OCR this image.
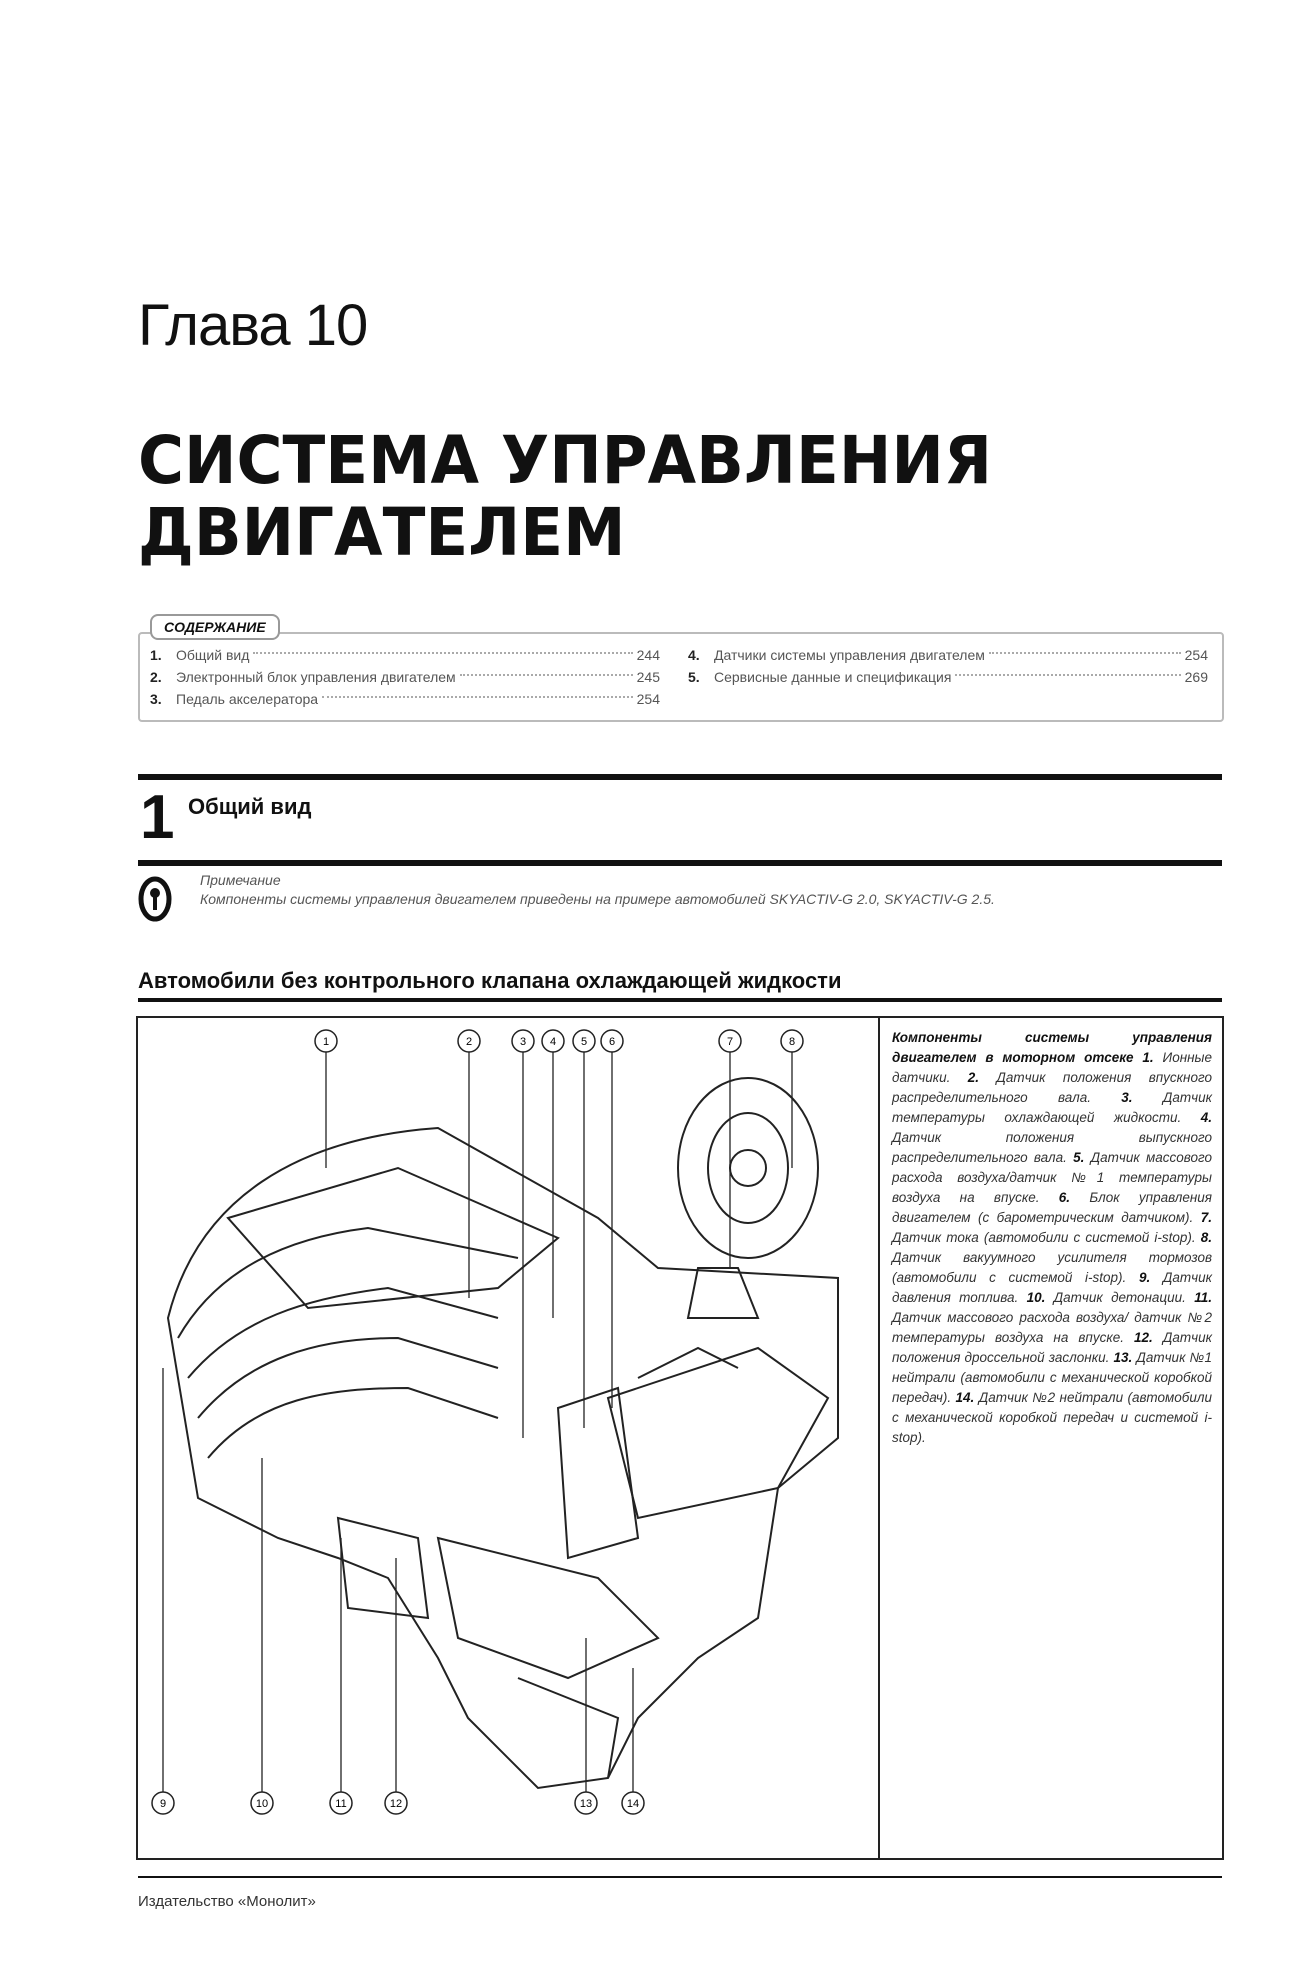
Глава 10
СИСТЕМА УПРАВЛЕНИЯ
ДВИГАТЕЛЕМ
1.	Общий вид	244
2.	Электронный блок управления двигателем	245
3.	Педаль акселератора	254
4.	Датчики системы управления двигателем	254
5.	Сервисные данные и спецификация	269
СОДЕРЖАНИЕ
1 Общий вид
Примечание
Компоненты системы управления двигателем приведены на примере автомобилей SKYACTIV-G 2.0, SKYACTIV-G 2.5.
Автомобили без контрольного клапана охлаждающей жидкости
1	2	3 4 5 6	7	8
9	10	11	12	13	14
Компоненты системы управления двигателем в моторном отсеке 1. Ионные датчики. 2. Датчик положения впускного распределительного вала. 3. Датчик температуры охлаждающей жидкости. 4. Датчик положения выпускного распределительного вала. 5. Датчик массового расхода воздуха/датчик №1 температуры воздуха на впуске. 6. Блок управления двигателем (с барометрическим датчиком). 7. Датчик тока (автомобили с системой i-stop). 8. Датчик вакуумного усилителя тормозов (автомобили с системой i-stop). 9. Датчик давления топлива. 10. Датчик детонации. 11. Датчик массового расхода воздуха/ датчик №2 температуры воздуха на впуске. 12. Датчик положения дроссельной заслонки. 13. Датчик №1 нейтрали (автомобили с механической коробкой передач). 14. Датчик №2 нейтрали (автомобили с механической коробкой передач и системой i-stop).
Издательство «Монолит»
